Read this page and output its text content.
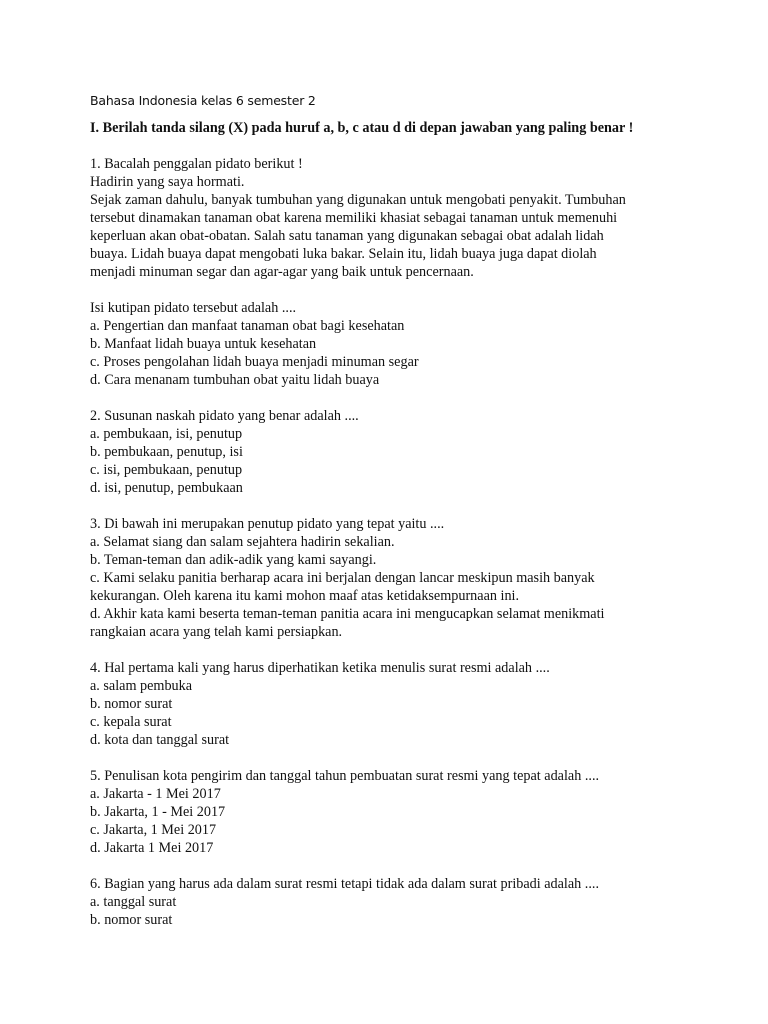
Bahasa Indonesia kelas 6 semester 2
I. Berilah tanda silang (X) pada huruf a, b, c atau d di depan jawaban yang paling benar !
1. Bacalah penggalan pidato berikut !
Hadirin yang saya hormati.
Sejak zaman dahulu, banyak tumbuhan yang digunakan untuk mengobati penyakit. Tumbuhan
tersebut dinamakan tanaman obat karena memiliki khasiat sebagai tanaman untuk memenuhi
keperluan akan obat-obatan. Salah satu tanaman yang digunakan sebagai obat adalah lidah
buaya. Lidah buaya dapat mengobati luka bakar. Selain itu, lidah buaya juga dapat diolah
menjadi minuman segar dan agar-agar yang baik untuk pencernaan.
Isi kutipan pidato tersebut adalah ....
a. Pengertian dan manfaat tanaman obat bagi kesehatan
b. Manfaat lidah buaya untuk kesehatan
c. Proses pengolahan lidah buaya menjadi minuman segar
d. Cara menanam tumbuhan obat yaitu lidah buaya
2. Susunan naskah pidato yang benar adalah ....
a. pembukaan, isi, penutup
b. pembukaan, penutup, isi
c. isi, pembukaan, penutup
d. isi, penutup, pembukaan
3. Di bawah ini merupakan penutup pidato yang tepat yaitu ....
a. Selamat siang dan salam sejahtera hadirin sekalian.
b. Teman-teman dan adik-adik yang kami sayangi.
c. Kami selaku panitia berharap acara ini berjalan dengan lancar meskipun masih banyak
kekurangan. Oleh karena itu kami mohon maaf atas ketidaksempurnaan ini.
d. Akhir kata kami beserta teman-teman panitia acara ini mengucapkan selamat menikmati
rangkaian acara yang telah kami persiapkan.
4. Hal pertama kali yang harus diperhatikan ketika menulis surat resmi adalah ....
a. salam pembuka
b. nomor surat
c. kepala surat
d. kota dan tanggal surat
5. Penulisan kota pengirim dan tanggal tahun pembuatan surat resmi yang tepat adalah ....
a. Jakarta - 1 Mei 2017
b. Jakarta, 1 - Mei 2017
c. Jakarta, 1 Mei 2017
d. Jakarta 1 Mei 2017
6. Bagian yang harus ada dalam surat resmi tetapi tidak ada dalam surat pribadi adalah ....
a. tanggal surat
b. nomor surat
